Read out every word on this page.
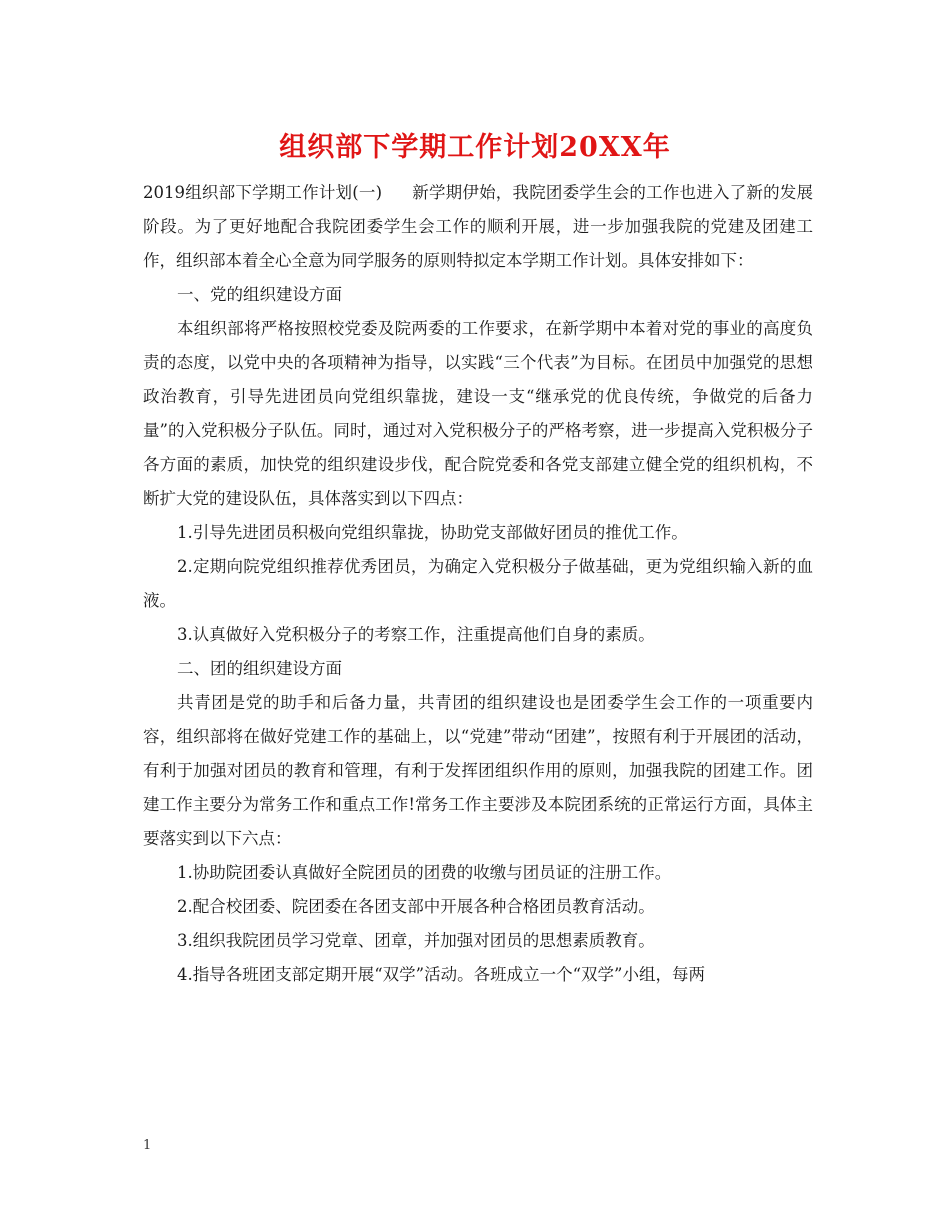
组织部下学期工作计划20XX年

2019组织部下学期工作计划(一) 新学期伊始，我院团委学生会的工作也进入了新的发展阶段。为了更好地配合我院团委学生会工作的顺利开展，进一步加强我院的党建及团建工作，组织部本着全心全意为同学服务的原则特拟定本学期工作计划。具体安排如下：

一、党的组织建设方面

本组织部将严格按照校党委及院两委的工作要求，在新学期中本着对党的事业的高度负责的态度，以党中央的各项精神为指导，以实践“三个代表”为目标。在团员中加强党的思想政治教育，引导先进团员向党组织靠拢，建设一支“继承党的优良传统，争做党的后备力量”的入党积极分子队伍。同时，通过对入党积极分子的严格考察，进一步提高入党积极分子各方面的素质，加快党的组织建设步伐，配合院党委和各党支部建立健全党的组织机构，不断扩大党的建设队伍，具体落实到以下四点：

1.引导先进团员积极向党组织靠拢，协助党支部做好团员的推优工作。

2.定期向院党组织推荐优秀团员，为确定入党积极分子做基础，更为党组织输入新的血液。

3.认真做好入党积极分子的考察工作，注重提高他们自身的素质。

二、团的组织建设方面

共青团是党的助手和后备力量，共青团的组织建设也是团委学生会工作的一项重要内容，组织部将在做好党建工作的基础上，以“党建”带动“团建”，按照有利于开展团的活动，有利于加强对团员的教育和管理，有利于发挥团组织作用的原则，加强我院的团建工作。团建工作主要分为常务工作和重点工作!常务工作主要涉及本院团系统的正常运行方面，具体主要落实到以下六点：

1.协助院团委认真做好全院团员的团费的收缴与团员证的注册工作。

2.配合校团委、院团委在各团支部中开展各种合格团员教育活动。

3.组织我院团员学习党章、团章，并加强对团员的思想素质教育。

4.指导各班团支部定期开展“双学”活动。各班成立一个“双学”小组，每两

1
